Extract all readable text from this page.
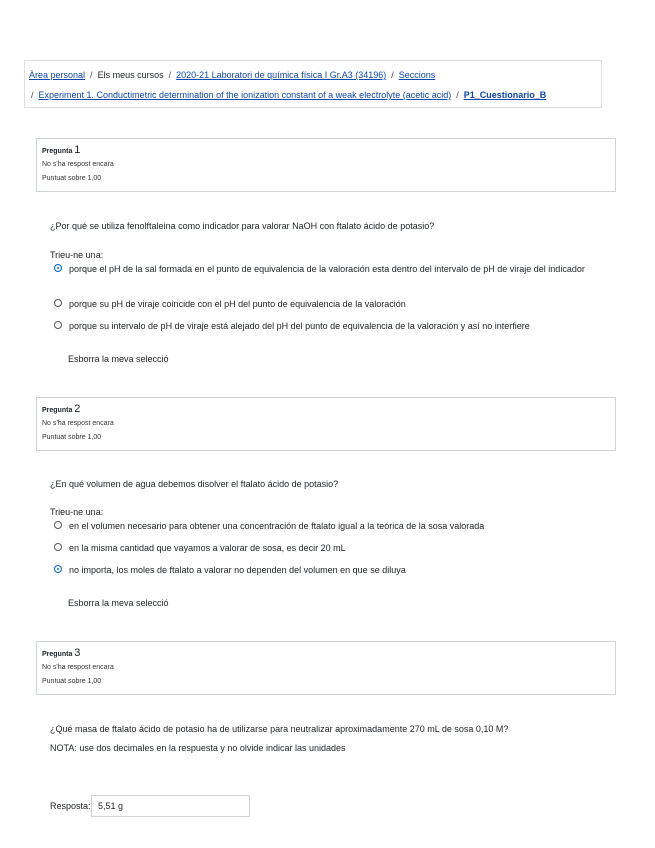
Àrea personal / Els meus cursos / 2020-21 Laboratori de química física I Gr.A3 (34196) / Seccions
/ Experiment 1. Conductimetric determination of the ionization constant of a weak electrolyte (acetic acid) / P1_Cuestionario_B
Pregunta 1
No s'ha respost encara
Puntuat sobre 1,00
¿Por qué se utiliza fenolftaleina como indicador para valorar NaOH con ftalato ácido de potasio?
Trieu-ne una:
porque el pH de la sal formada en el punto de equivalencia de la valoración esta dentro del intervalo de pH de viraje del indicador
porque su pH de viraje coincide con el pH del punto de equivalencia de la valoración
porque su intervalo de pH de viraje está alejado del pH del punto de equivalencia de la valoración y así no interfiere
Esborra la meva selecció
Pregunta 2
No s'ha respost encara
Puntuat sobre 1,00
¿En qué volumen de agua debemos disolver el ftalato ácido de potasio?
Trieu-ne una:
en el volumen necesario para obtener una concentración de ftalato igual a la teórica de la sosa valorada
en la misma cantidad que vayamos a valorar de sosa, es decir 20 mL
no importa, los moles de ftalato a valorar no dependen del volumen en que se diluya
Esborra la meva selecció
Pregunta 3
No s'ha respost encara
Puntuat sobre 1,00
¿Qué masa de ftalato ácido de potasio ha de utilizarse para neutralizar aproximadamente 270 mL de sosa 0,10 M?
NOTA: use dos decimales en la respuesta y no olvide indicar las unidades
Resposta:
5,51 g
